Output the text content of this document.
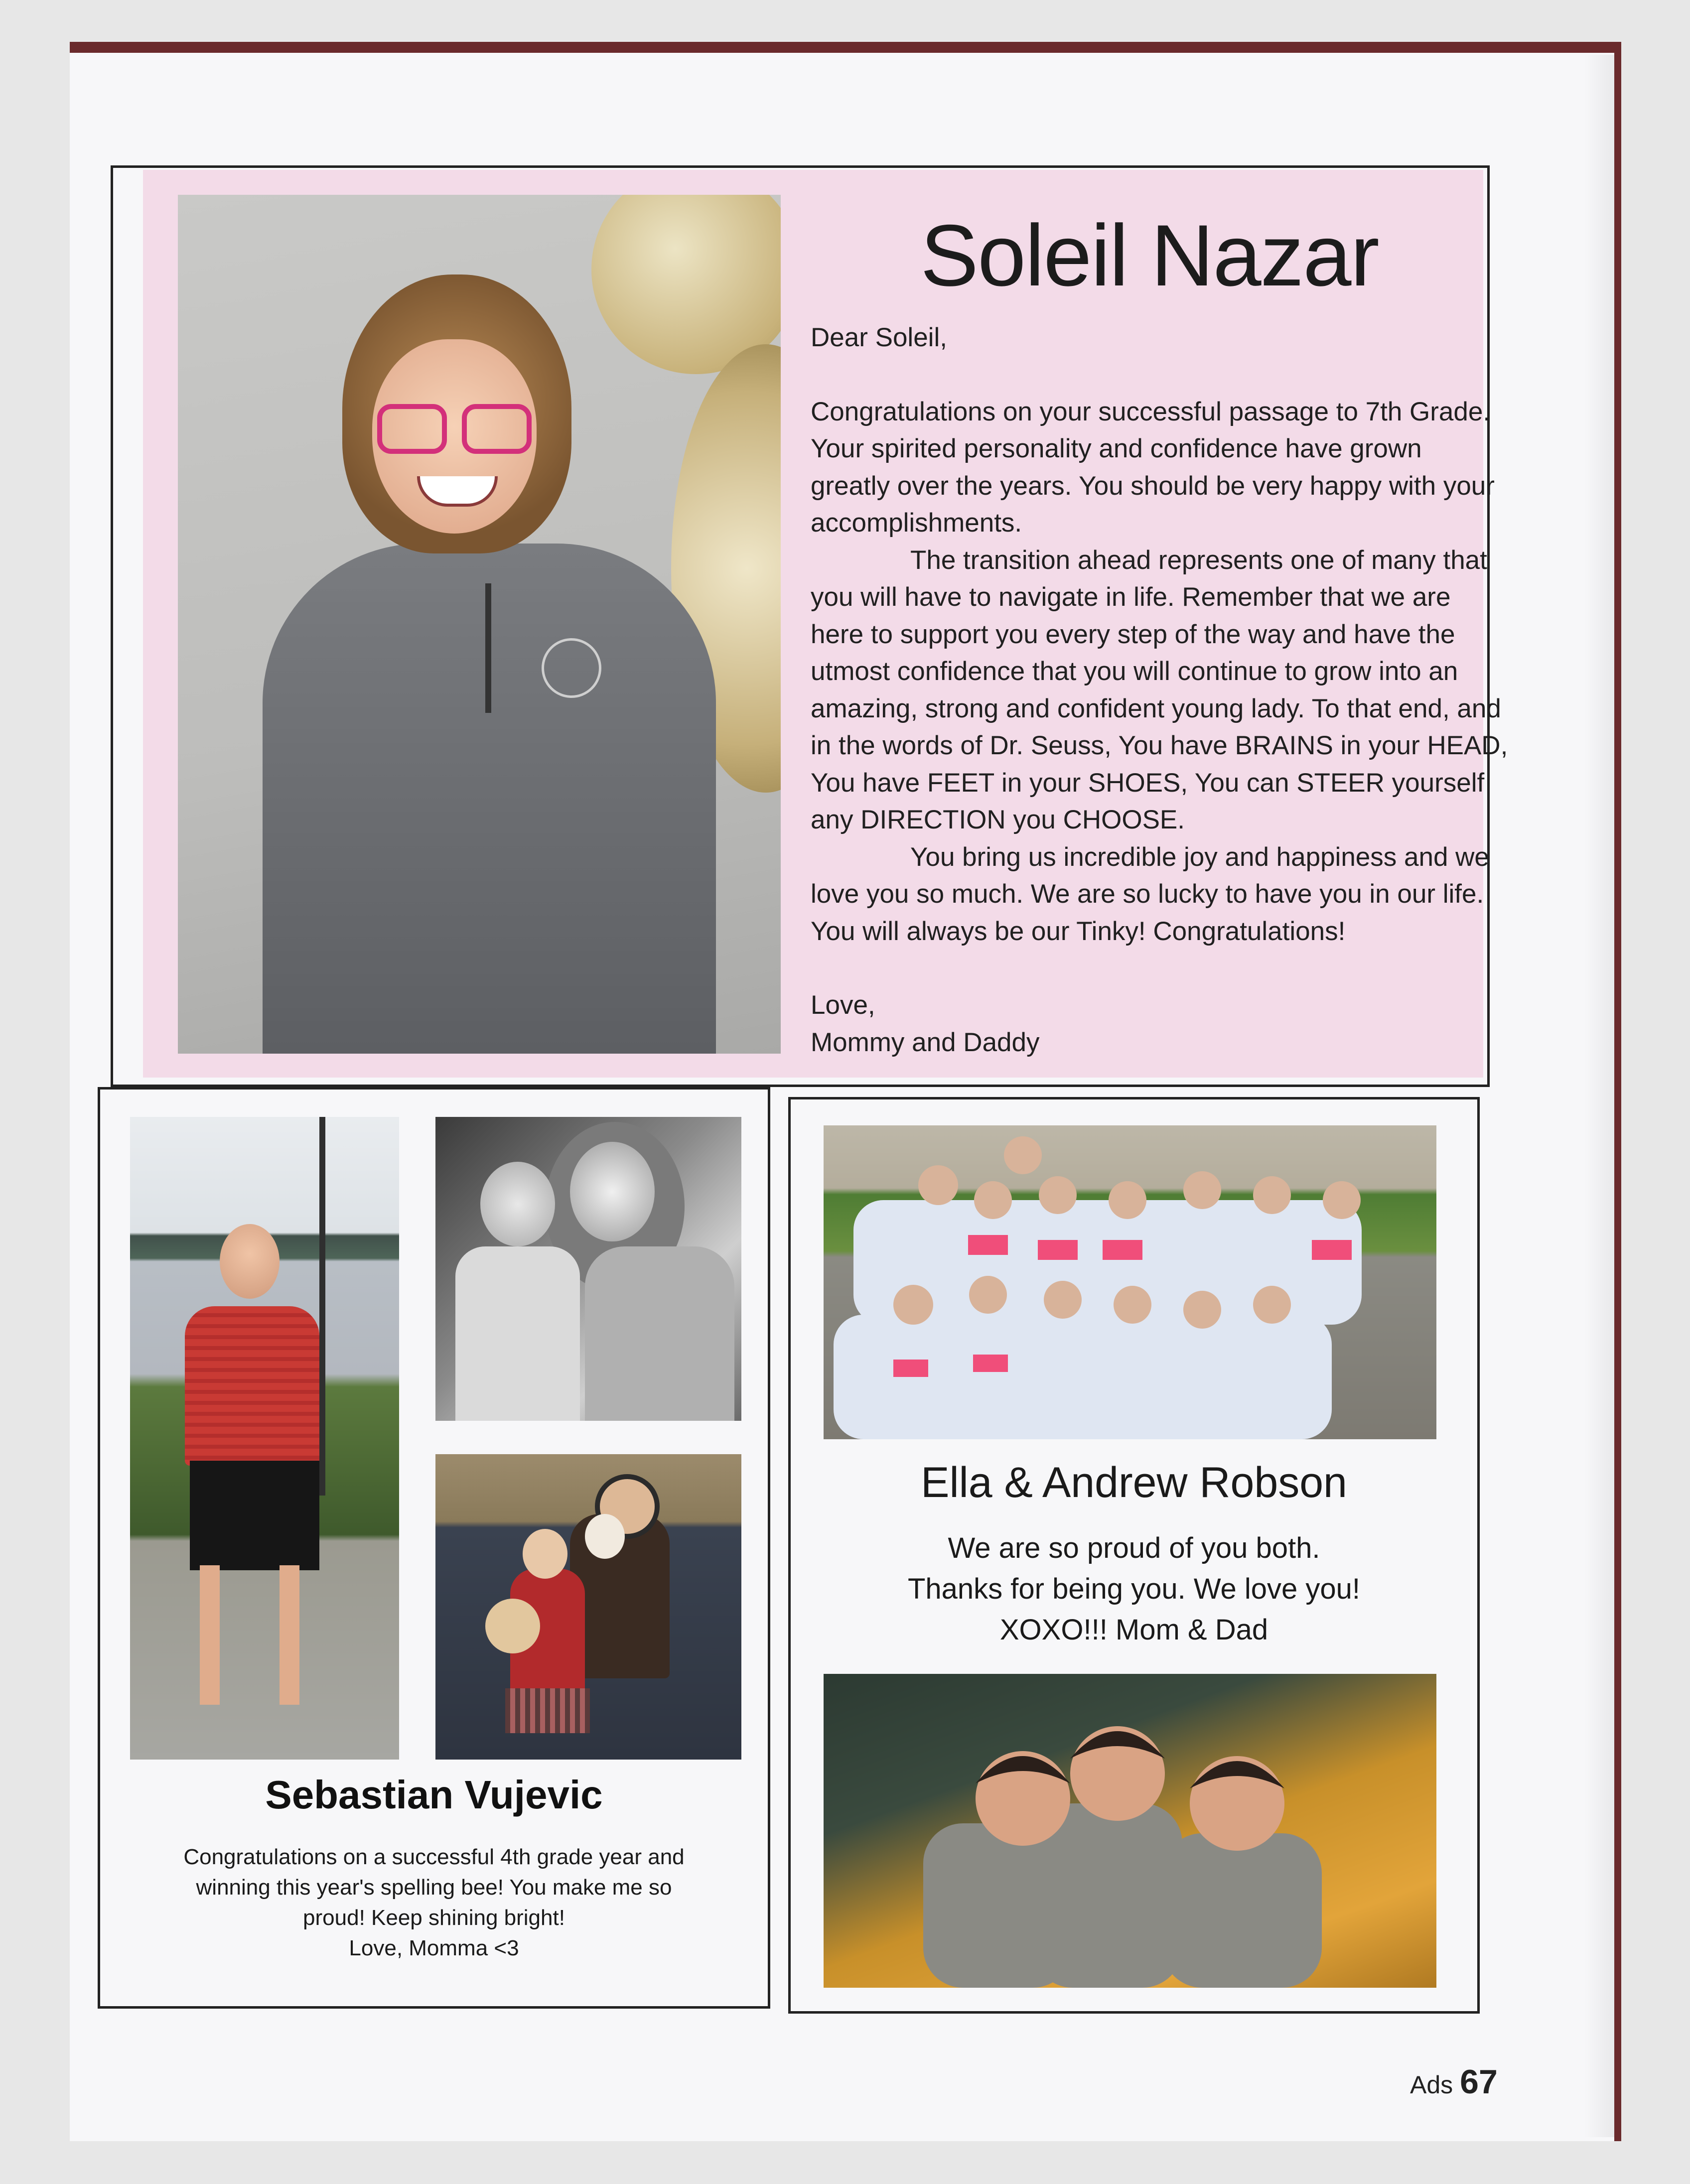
Soleil Nazar

Dear Soleil,

Congratulations on your successful passage to 7th Grade. Your spirited personality and confidence have grown greatly over the years. You should be very happy with your accomplishments.

The transition ahead represents one of many that you will have to navigate in life. Remember that we are here to support you every step of the way and have the utmost confidence that you will continue to grow into an amazing, strong and confident young lady. To that end, and in the words of Dr. Seuss, You have BRAINS in your HEAD, You have FEET in your SHOES, You can STEER yourself any DIRECTION you CHOOSE.

You bring us incredible joy and happiness and we love you so much. We are so lucky to have you in our life. You will always be our Tinky! Congratulations!

Love,

Mommy and Daddy

Sebastian Vujevic

Congratulations on a successful 4th grade year and

winning this year's spelling bee! You make me so

proud! Keep shining bright!

Love, Momma <3

Ella & Andrew Robson

We are so proud of you both.

Thanks for being you. We love you!

XOXO!!! Mom & Dad

Ads 67
